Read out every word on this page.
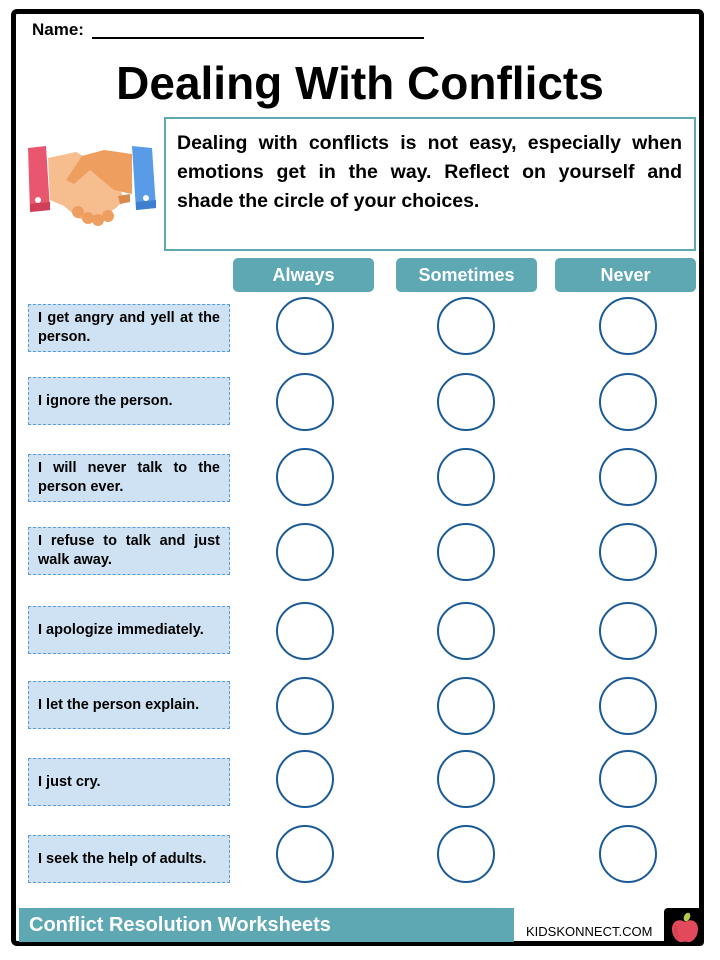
Name:
Dealing With Conflicts
Dealing with conflicts is not easy, especially when emotions get in the way. Reflect on yourself and shade the circle of your choices.
Always	Sometimes	Never
I get angry and yell at the person.
I ignore the person.
I will never talk to the person ever.
I refuse to talk and just walk away.
I apologize immediately.
I let the person explain.
I just cry.
I seek the help of adults.
Conflict Resolution Worksheets	KIDSKONNECT.COM
